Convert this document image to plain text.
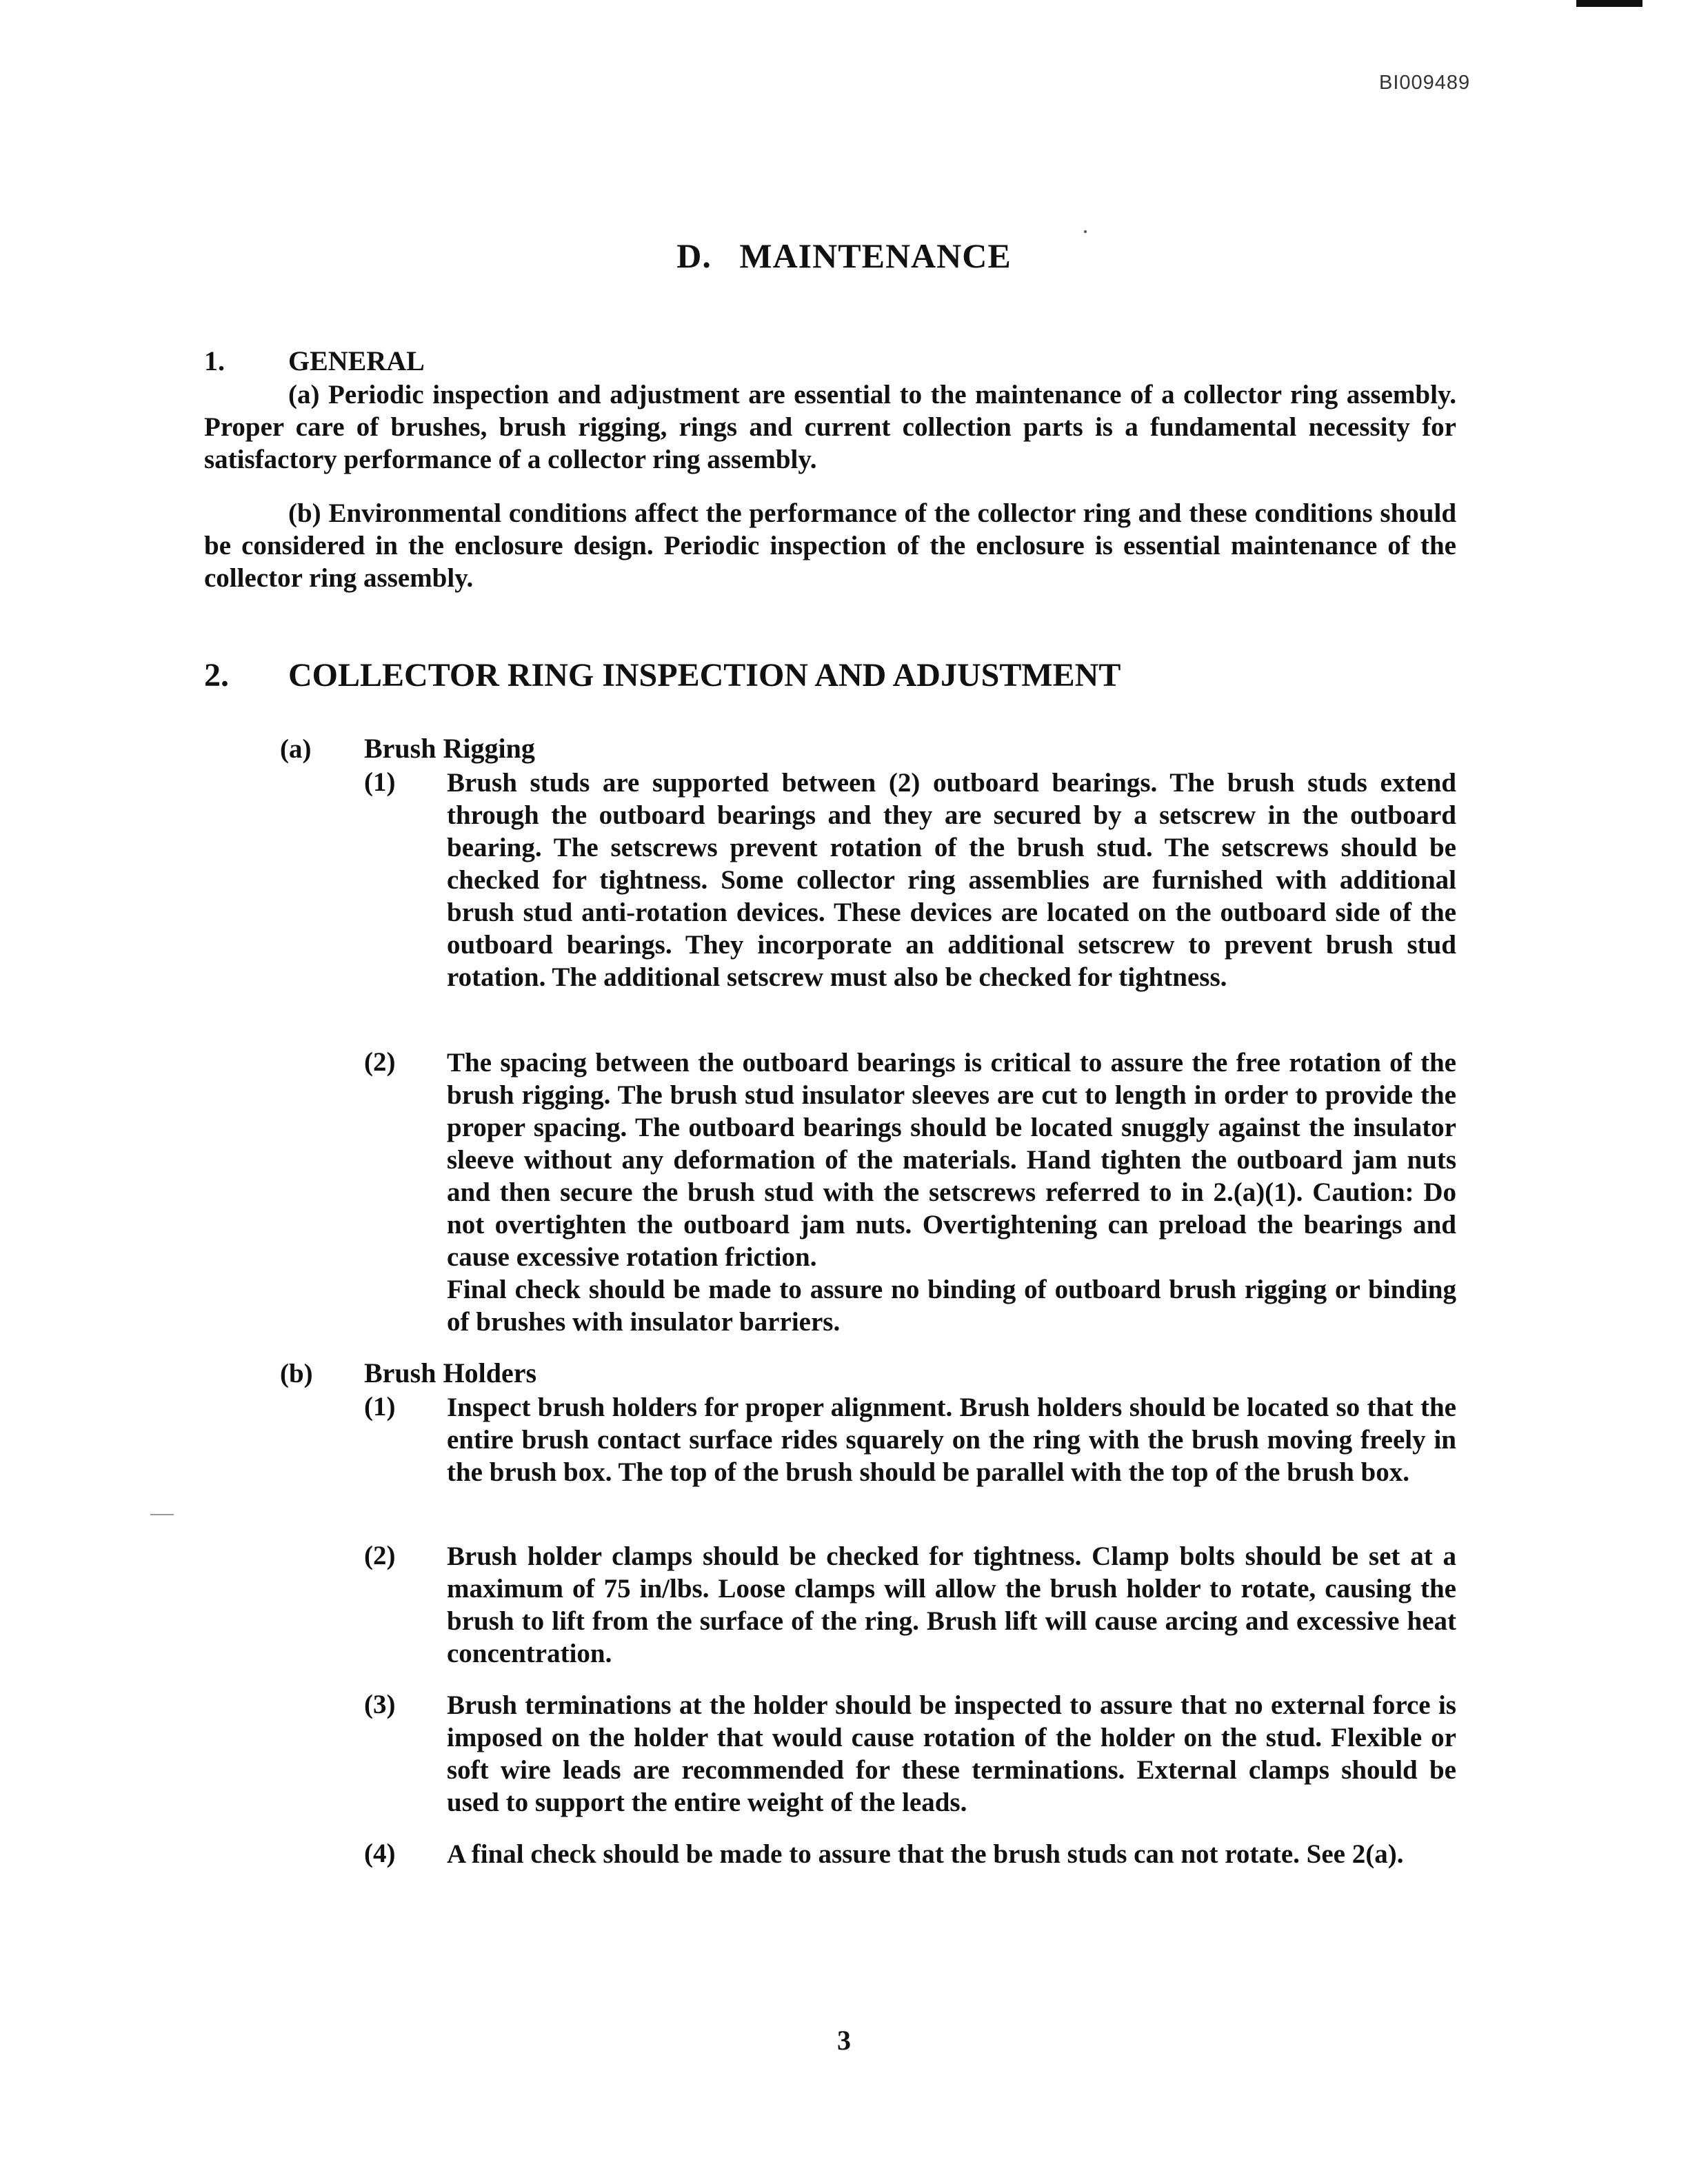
BI009489
D.   MAINTENANCE
1. GENERAL
(a) Periodic inspection and adjustment are essential to the maintenance of a collector ring assembly. Proper care of brushes, brush rigging, rings and current collection parts is a fundamental necessity for satisfactory performance of a collector ring assembly.
(b) Environmental conditions affect the performance of the collector ring and these conditions should be considered in the enclosure design. Periodic inspection of the enclosure is essential maintenance of the collector ring assembly.
2. COLLECTOR RING INSPECTION AND ADJUSTMENT
(a) Brush Rigging
(1) Brush studs are supported between (2) outboard bearings. The brush studs extend through the outboard bearings and they are secured by a setscrew in the outboard bearing. The setscrews prevent rotation of the brush stud. The setscrews should be checked for tightness. Some collector ring assemblies are furnished with additional brush stud anti-rotation devices. These devices are located on the outboard side of the outboard bearings. They incorporate an additional setscrew to prevent brush stud rotation. The additional setscrew must also be checked for tightness.
(2) The spacing between the outboard bearings is critical to assure the free rotation of the brush rigging. The brush stud insulator sleeves are cut to length in order to provide the proper spacing. The outboard bearings should be located snuggly against the insulator sleeve without any deformation of the materials. Hand tighten the outboard jam nuts and then secure the brush stud with the setscrews referred to in 2.(a)(1). Caution: Do not overtighten the outboard jam nuts. Overtightening can preload the bearings and cause excessive rotation friction.
Final check should be made to assure no binding of outboard brush rigging or binding of brushes with insulator barriers.
(b) Brush Holders
(1) Inspect brush holders for proper alignment. Brush holders should be located so that the entire brush contact surface rides squarely on the ring with the brush moving freely in the brush box. The top of the brush should be parallel with the top of the brush box.
(2) Brush holder clamps should be checked for tightness. Clamp bolts should be set at a maximum of 75 in/lbs. Loose clamps will allow the brush holder to rotate, causing the brush to lift from the surface of the ring. Brush lift will cause arcing and excessive heat concentration.
(3) Brush terminations at the holder should be inspected to assure that no external force is imposed on the holder that would cause rotation of the holder on the stud. Flexible or soft wire leads are recommended for these terminations. External clamps should be used to support the entire weight of the leads.
(4) A final check should be made to assure that the brush studs can not rotate. See 2(a).
3
